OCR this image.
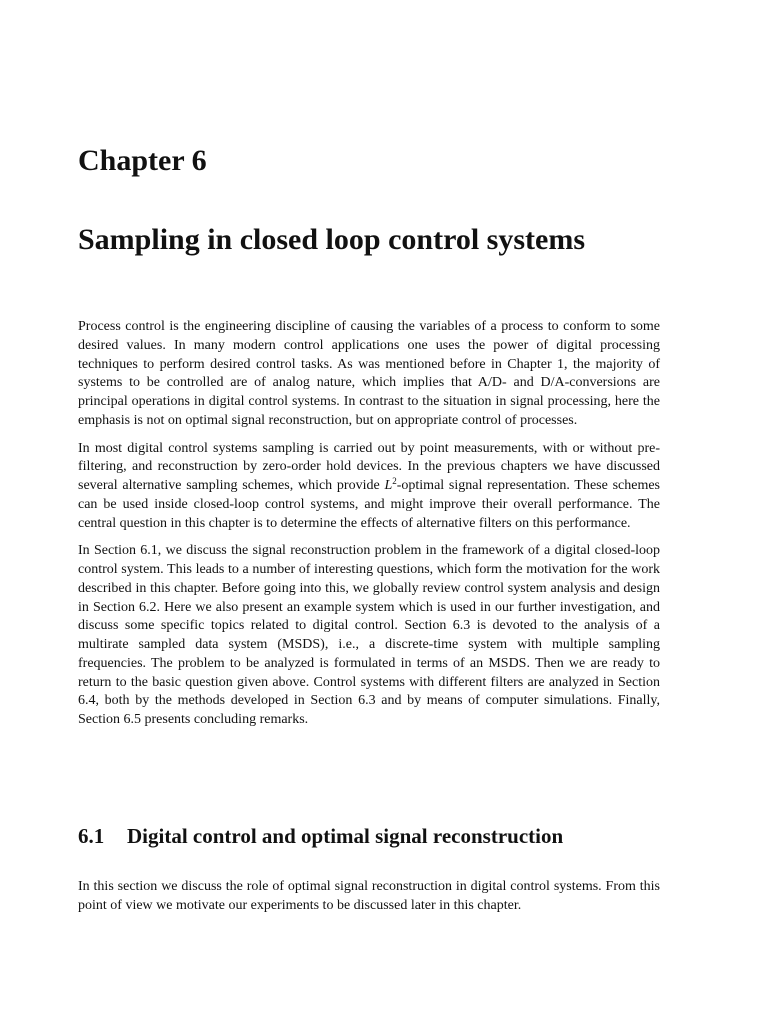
Chapter 6
Sampling in closed loop control systems

Process control is the engineering discipline of causing the variables of a process to conform to some desired values. In many modern control applications one uses the power of digital processing techniques to perform desired control tasks. As was mentioned before in Chapter 1, the majority of systems to be controlled are of analog nature, which implies that A/D- and D/A-conversions are principal operations in digital control systems. In contrast to the situation in signal processing, here the emphasis is not on optimal signal reconstruction, but on appropriate control of processes.

In most digital control systems sampling is carried out by point measurements, with or without pre-filtering, and reconstruction by zero-order hold devices. In the previous chapters we have discussed several alternative sampling schemes, which provide $L^2$-optimal signal representation. These schemes can be used inside closed-loop control systems, and might improve their overall performance. The central question in this chapter is to determine the effects of alternative filters on this performance.

In Section 6.1, we discuss the signal reconstruction problem in the framework of a digital closed-loop control system. This leads to a number of interesting questions, which form the motivation for the work described in this chapter. Before going into this, we globally review control system analysis and design in Section 6.2. Here we also present an example system which is used in our further investigation, and discuss some specific topics related to digital control. Section 6.3 is devoted to the analysis of a multirate sampled data system (MSDS), i.e., a discrete-time system with multiple sampling frequencies. The problem to be analyzed is formulated in terms of an MSDS. Then we are ready to return to the basic question given above. Control systems with different filters are analyzed in Section 6.4, both by the methods developed in Section 6.3 and by means of computer simulations. Finally, Section 6.5 presents concluding remarks.

6.1 Digital control and optimal signal reconstruction

In this section we discuss the role of optimal signal reconstruction in digital control systems. From this point of view we motivate our experiments to be discussed later in this chapter.
